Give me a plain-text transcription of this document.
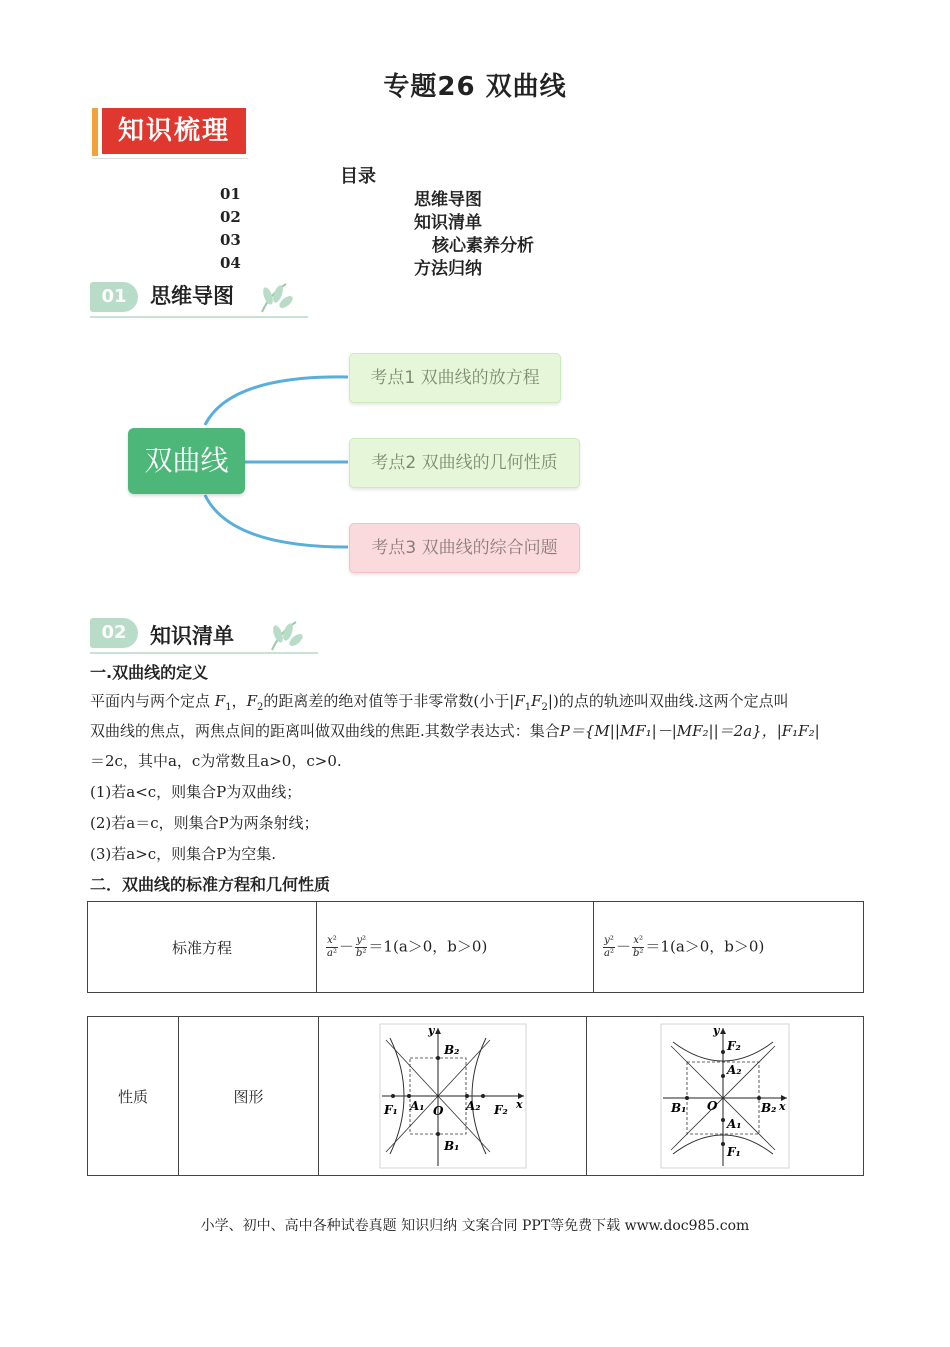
专题26 双曲线
知识梳理
目录
01	思维导图
02	知识清单
03	核心素养分析
04	方法归纳
01	思维导图
双曲线
考点1 双曲线的放方程
考点2 双曲线的几何性质
考点3 双曲线的综合问题
02	知识清单
一.双曲线的定义
平面内与两个定点 $F_1$，$F_2$的距离差的绝对值等于非零常数(小于$|F_1F_2|$)的点的轨迹叫双曲线.这两个定点叫
双曲线的焦点，两焦点间的距离叫做双曲线的焦距.其数学表达式：集合P＝{M||MF₁|－|MF₂||＝2a}，|F₁F₂|
＝2c，其中a，c为常数且a>0，c>0.
(1)若a<c，则集合P为双曲线；
(2)若a＝c，则集合P为两条射线；
(3)若a>c，则集合P为空集.
二．双曲线的标准方程和几何性质
标准方程	$\frac{\text{x²}}{\text{a²}} - \frac{\text{y²}}{\text{b²}} =1(a>0$，b＞0)	$\frac{\text{y²}}{\text{a²}} - \frac{\text{x²}}{\text{b²}} =1(a>0$，b＞0)
性质	图形	
B₂
B₁
F₁ A₁ O A₂ F₂ x
y

F₂
A₂
A₁
F₁
B₁ O	B₂ x
y
小学、初中、高中各种试卷真题 知识归纳 文案合同 PPT等免费下载 www.doc985.com
